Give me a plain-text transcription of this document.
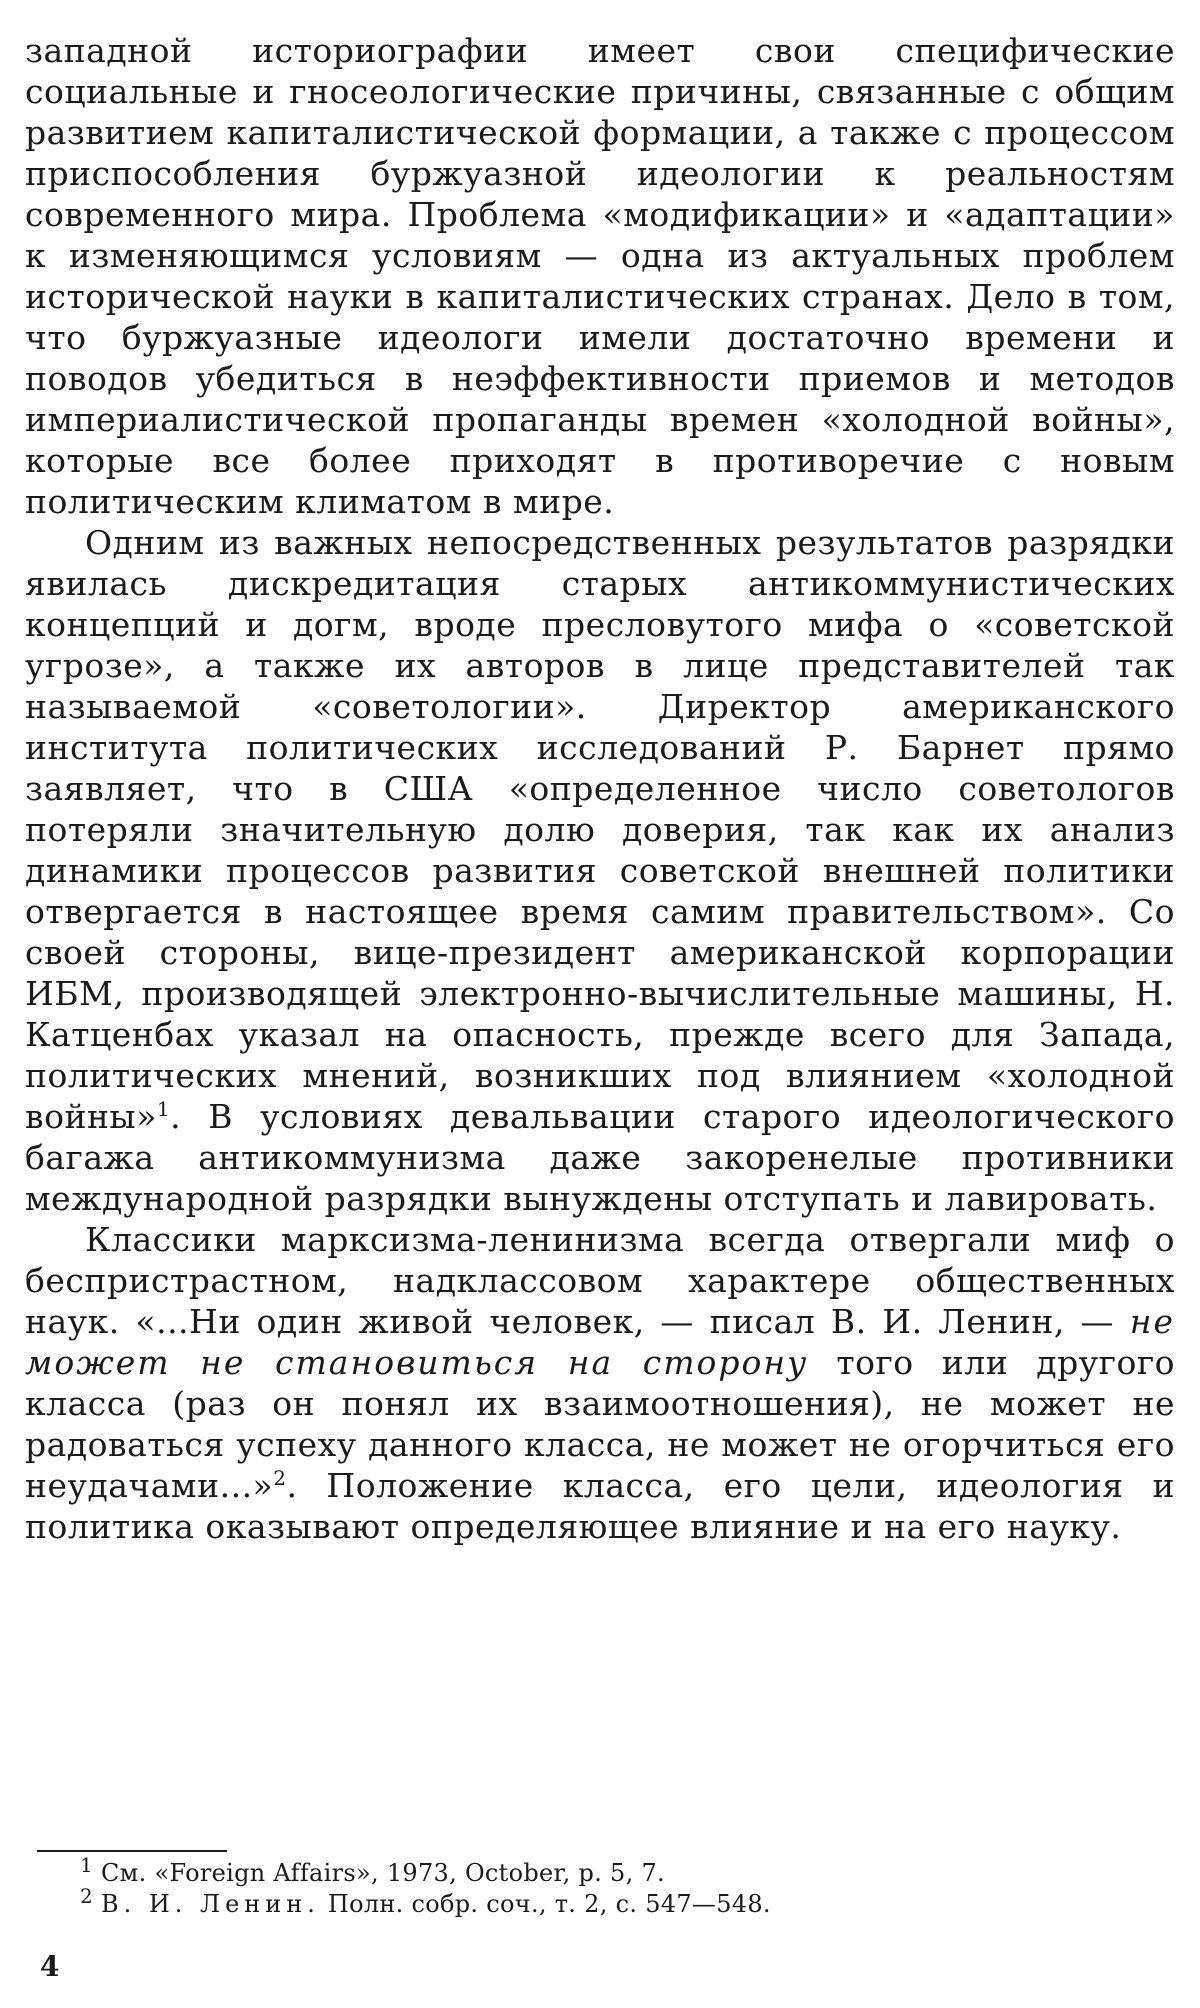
западной историографии имеет свои специфические социальные и гносеологические причины, связанные с общим развитием капиталистической формации, а также с процессом приспособления буржуазной идеологии к реальностям современного мира. Проблема «модификации» и «адаптации» к изменяющимся условиям — одна из актуальных проблем исторической науки в капиталистических странах. Дело в том, что буржуазные идеологи имели достаточно времени и поводов убедиться в неэффективности приемов и методов империалистической пропаганды времен «холодной войны», которые все более приходят в противоречие с новым политическим климатом в мире.

Одним из важных непосредственных результатов разрядки явилась дискредитация старых антикоммунистических концепций и догм, вроде пресловутого мифа о «советской угрозе», а также их авторов в лице представителей так называемой «советологии». Директор американского института политических исследований Р. Барнет прямо заявляет, что в США «определенное число советологов потеряли значительную долю доверия, так как их анализ динамики процессов развития советской внешней политики отвергается в настоящее время самим правительством». Со своей стороны, вице-президент американской корпорации ИБМ, производящей электронно-вычислительные машины, Н. Катценбах указал на опасность, прежде всего для Запада, политических мнений, возникших под влиянием «холодной войны»$^1$. В условиях девальвации старого идеологического багажа антикоммунизма даже закоренелые противники международной разрядки вынуждены отступать и лавировать.

Классики марксизма-ленинизма всегда отвергали миф о беспристрастном, надклассовом характере общественных наук. «...Ни один живой человек, — писал В. И. Ленин, — не может не становиться на сторону того или другого класса (раз он понял их взаимоотношения), не может не радоваться успеху данного класса, не может не огорчиться его неудачами...»$^2$. Положение класса, его цели, идеология и политика оказывают определяющее влияние и на его науку.

$^1$ См. «Foreign Affairs», 1973, October, p. 5, 7.

$^2$ В. И. Ленин. Полн. собр. соч., т. 2, с. 547—548.

4
